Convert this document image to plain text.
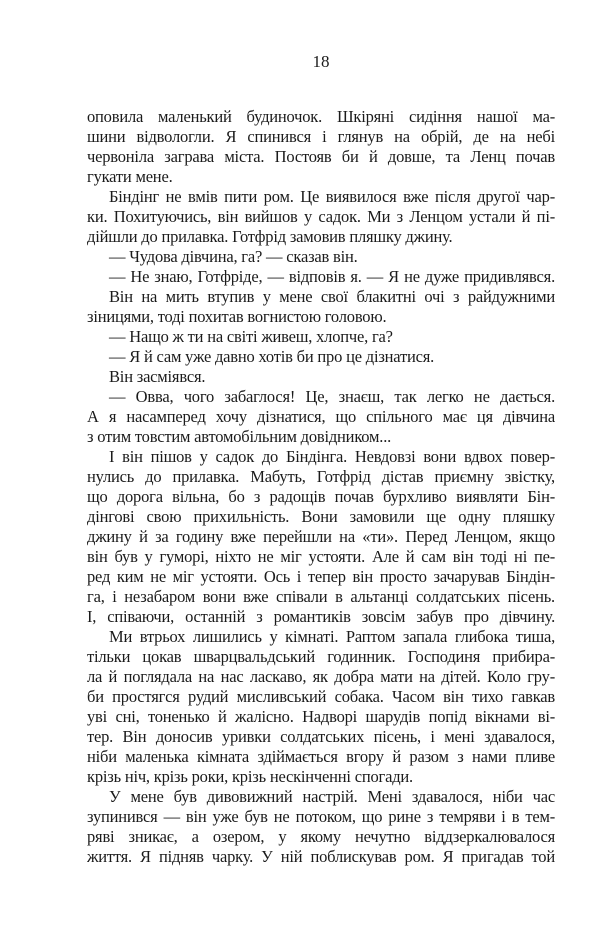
18
оповила маленький будиночок. Шкіряні сидіння нашої ма-
шини відвологли. Я спинився і глянув на обрій, де на небі
червоніла заграва міста. Постояв би й довше, та Ленц почав
гукати мене.
Біндінг не вмів пити ром. Це виявилося вже після другої чар-
ки. Похитуючись, він вийшов у садок. Ми з Ленцом устали й пі-
дійшли до прилавка. Готфрід замовив пляшку джину.
— Чудова дівчина, га? — сказав він.
— Не знаю, Готфріде, — відповів я. — Я не дуже придивлявся.
Він на мить втупив у мене свої блакитні очі з райдужними
зіницями, тоді похитав вогнистою головою.
— Нащо ж ти на світі живеш, хлопче, га?
— Я й сам уже давно хотів би про це дізнатися.
Він засміявся.
— Овва, чого забаглося! Це, знаєш, так легко не дається.
А я насамперед хочу дізнатися, що спільного має ця дівчина
з отим товстим автомобільним довідником...
І він пішов у садок до Біндінга. Невдовзі вони вдвох повер-
нулись до прилавка. Мабуть, Готфрід дістав приємну звістку,
що дорога вільна, бо з радощів почав бурхливо виявляти Бін-
дінгові свою прихильність. Вони замовили ще одну пляшку
джину й за годину вже перейшли на «ти». Перед Ленцом, якщо
він був у гуморі, ніхто не міг устояти. Але й сам він тоді ні пе-
ред ким не міг устояти. Ось і тепер він просто зачарував Біндін-
га, і незабаром вони вже співали в альтанці солдатських пісень.
І, співаючи, останній з романтиків зовсім забув про дівчину.
Ми втрьох лишились у кімнаті. Раптом запала глибока тиша,
тільки цокав шварцвальдський годинник. Господиня прибира-
ла й поглядала на нас ласкаво, як добра мати на дітей. Коло гру-
би простягся рудий мисливський собака. Часом він тихо гавкав
уві сні, тоненько й жалісно. Надворі шарудів попід вікнами ві-
тер. Він доносив уривки солдатських пісень, і мені здавалося,
ніби маленька кімната здіймається вгору й разом з нами пливе
крізь ніч, крізь роки, крізь нескінченні спогади.
У мене був дивовижний настрій. Мені здавалося, ніби час
зупинився — він уже був не потоком, що рине з темряви і в тем-
ряві зникає, а озером, у якому нечутно віддзеркалювалося
життя. Я підняв чарку. У ній поблискував ром. Я пригадав той
